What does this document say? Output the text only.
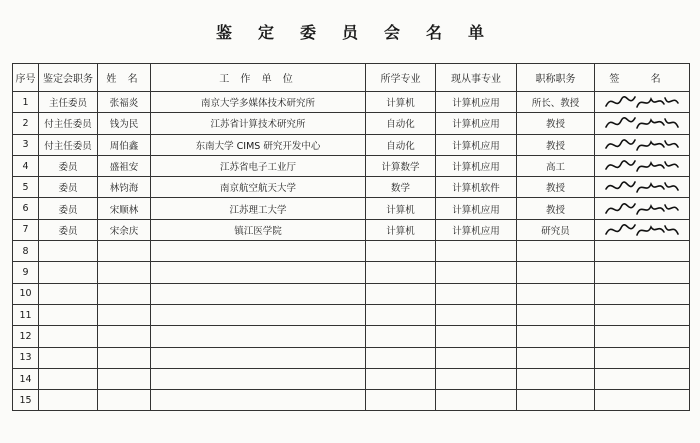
鉴 定 委 员 会 名 单
序号	鉴定会职务	姓 名	工 作 单 位	所学专业	现从事专业	职称职务	签 名
1	主任委员	张福炎	南京大学多媒体技术研究所	计算机	计算机应用	所长、教授	

2	付主任委员	钱为民	江苏省计算技术研究所	自动化	计算机应用	教授	

3	付主任委员	周伯鑫	东南大学 CIMS 研究开发中心	自动化	计算机应用	教授	

4	委员	盛祖安	江苏省电子工业厅	计算数学	计算机应用	高工	

5	委员	林钧海	南京航空航天大学	数学	计算机软件	教授	

6	委员	宋顺林	江苏理工大学	计算机	计算机应用	教授	

7	委员	宋余庆	镇江医学院	计算机	计算机应用	研究员	

8							
9							
10							
11							
12							
13							
14							
15							
